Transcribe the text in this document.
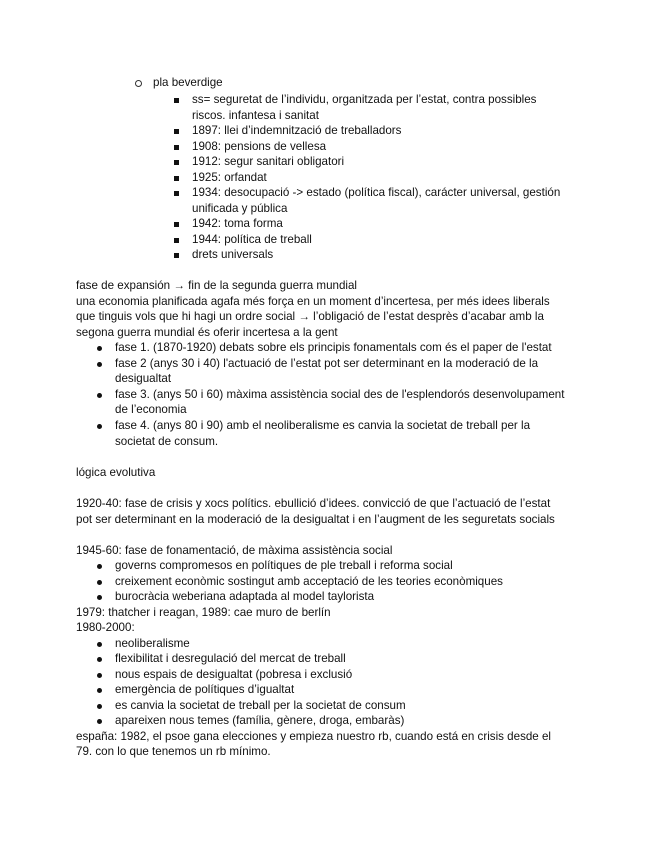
pla beverdige
ss= seguretat de l’individu, organitzada per l’estat, contra possibles
riscos. infantesa i sanitat
1897: llei d’indemnització de treballadors
1908: pensions de vellesa
1912: segur sanitari obligatori
1925: orfandat
1934: desocupació -> estado (política fiscal), carácter universal, gestión
unificada y pública
1942: toma forma
1944: política de treball
drets universals
fase de expansión → fin de la segunda guerra mundial
una economia planificada agafa més força en un moment d’incertesa, per més idees liberals
que tinguis vols que hi hagi un ordre social → l’obligació de l’estat desprès d’acabar amb la
segona guerra mundial és oferir incertesa a la gent
fase 1. (1870-1920) debats sobre els principis fonamentals com és el paper de l'estat
fase 2 (anys 30 i 40) l'actuació de l’estat pot ser determinant en la moderació de la
desigualtat
fase 3. (anys 50 i 60) màxima assistència social des de l'esplendorós desenvolupament
de l’economia
fase 4. (anys 80 i 90) amb el neoliberalisme es canvia la societat de treball per la
societat de consum.
lógica evolutiva
1920-40: fase de crisis y xocs polítics. ebullició d’idees. convicció de que l’actuació de l’estat
pot ser determinant en la moderació de la desigualtat i en l’augment de les seguretats socials
1945-60: fase de fonamentació, de màxima assistència social
governs compromesos en polítiques de ple treball i reforma social
creixement econòmic sostingut amb acceptació de les teories econòmiques
burocràcia weberiana adaptada al model taylorista
1979: thatcher i reagan, 1989: cae muro de berlín
1980-2000:
neoliberalisme
flexibilitat i desregulació del mercat de treball
nous espais de desigualtat (pobresa i exclusió
emergència de polítiques d’igualtat
es canvia la societat de treball per la societat de consum
apareixen nous temes (família, gènere, droga, embaràs)
españa: 1982, el psoe gana elecciones y empieza nuestro rb, cuando está en crisis desde el
79. con lo que tenemos un rb mínimo.
